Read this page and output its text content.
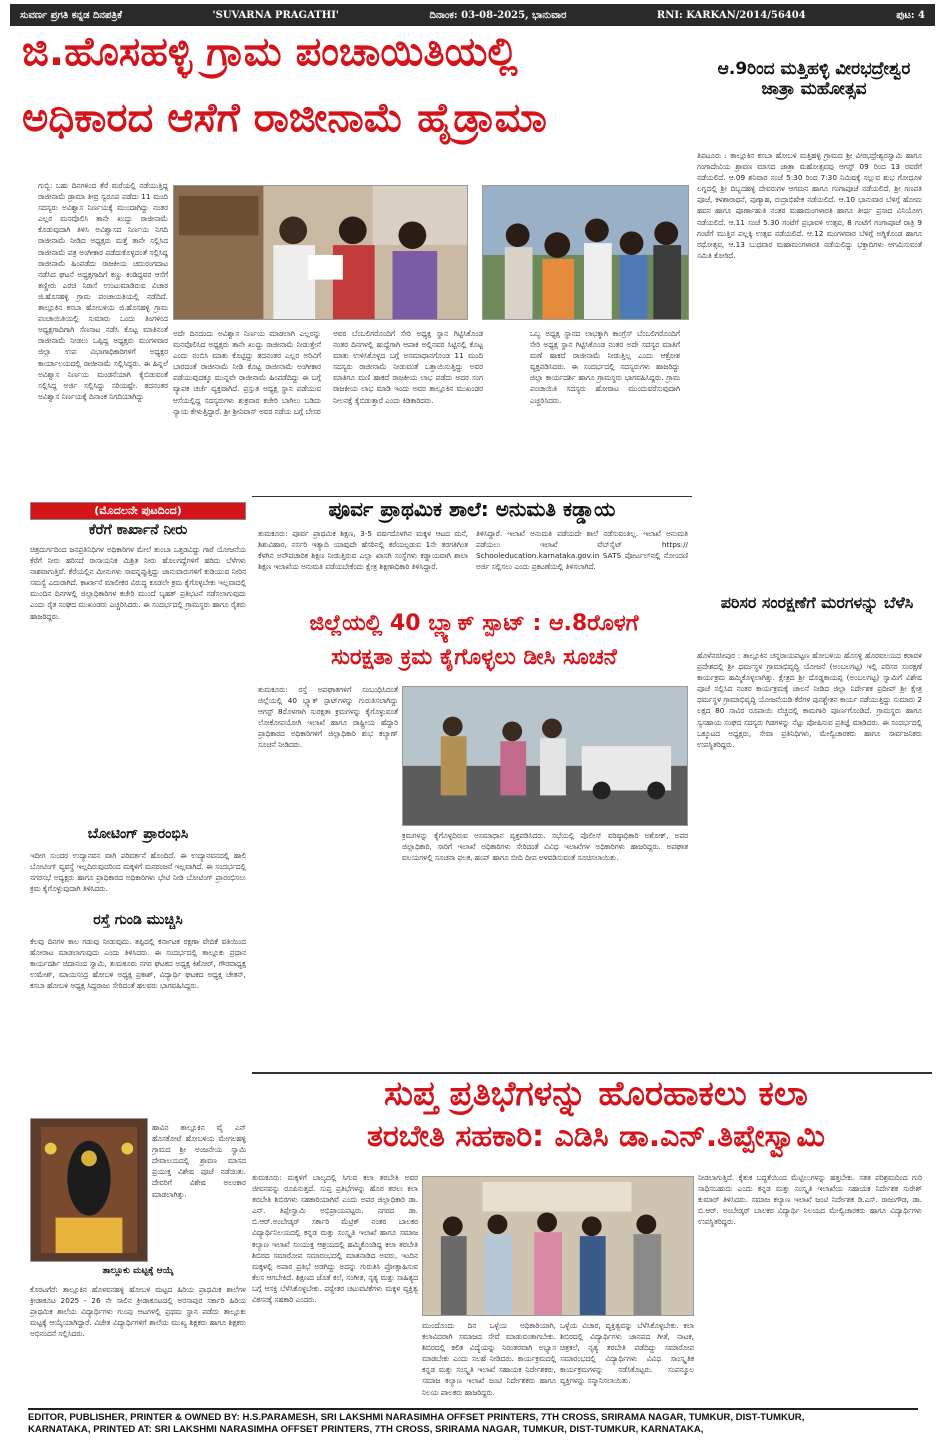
ಸುವರ್ಣ ಪ್ರಗತಿ ಕನ್ನಡ ದಿನಪತ್ರಿಕೆ	'SUVARNA PRAGATHI'	ದಿನಾಂಕ: 03-08-2025, ಭಾನುವಾರ	RNI: KARKAN/2014/56404	ಪುಟ: 4
ಜಿ.ಹೊಸಹಳ್ಳಿ ಗ್ರಾಮ ಪಂಚಾಯಿತಿಯಲ್ಲಿ
ಅಧಿಕಾರದ ಆಸೆಗೆ ರಾಜೀನಾಮೆ ಹೈಡ್ರಾಮಾ
ಗುಬ್ಬಿ: ಬಹು ದಿನಗಳಿಂದ ತೆರೆ ಮರೆಯಲ್ಲಿ ನಡೆಯುತ್ತಿದ್ದ ರಾಜೀನಾಮೆ ಡ್ರಾಮಾ ತೀವ್ರ ಸ್ವರೂಪ ಪಡೆದು 11 ಮಂದಿ ಸದಸ್ಯರು ಅವಿಶ್ವಾಸ ನಿರ್ಣಯಕ್ಕೆ ಮುಂದಾಗಿದ್ದು ನಂತರ ಎಲ್ಲರ ಮನವೊಲಿಸಿ ತಾನೇ ಖುದ್ದು ರಾಜೀನಾಮೆ ಕೊಡುವುದಾಗಿ ತಿಳಿಸಿ ಅವಿಶ್ವಾಸದ ನಿರ್ಣಯ ನಿಗದಿ ರಾಜೀನಾಮೆ ನೀಡಿದ ಅಧ್ಯಕ್ಷರು ಮತ್ತೆ ತಾನೇ ಸಲ್ಲಿಸಿದ ರಾಜೀನಾಮೆ ಪತ್ರ ಅಂಗೀಕಾರ ಪಡೆದುಕೊಳ್ಳದಂತೆ ಸಲ್ಲಿಸಿದ್ದ ರಾಜೀನಾಮೆ ಹಿಂಪಡೆದು ರಾಜಕೀಯ ಚದುರಂಗದಾಟ ನಡೆಸಿದ ಘಟನೆ ಅಧ್ಯಕ್ಷಗಾದಿಗೆ ಕಣ್ಣು ಕಂಡಿದ್ದವರ ಆಸೆಗೆ ತಣ್ಣೀರು ಎರಚಿ ನಿರಾಸೆ ಉಂಟುಮಾಡಿರುವ ವಿಚಾರ ಜಿ.ಹೊಸಹಳ್ಳಿ ಗ್ರಾಮ ಪಂಚಾಯತಿಯಲ್ಲಿ ನಡೆದಿದೆ. ತಾಲ್ಲೂಕಿನ ಕಸಬಾ ಹೋಬಳಿಯ ಜಿ.ಹೊಸಹಳ್ಳಿ ಗ್ರಾಮ ಪಂಚಾಯಿತಿಯಲ್ಲಿ ಸುಮಾರು ಒಂದು ತಿಂಗಳಿಂದ ಅಧ್ಯಕ್ಷಗಾದಿಗಾಗಿ ಸೆಣಸಾಟ ನಡೆಸಿ ಕೊಟ್ಟ ಮಾತಿನಂತೆ ರಾಜೀನಾಮೆ ನೀಡಲು ಒಪ್ಪಿದ್ದ ಅಧ್ಯಕ್ಷರು ಮಂಗಳವಾರ ಜಿಲ್ಲಾ ಉಪ ವಿಭಾಗಾಧಿಕಾರಿಗಳಿಗೆ ಅಧ್ಯಕ್ಷರ ಕಾರ್ಯಾಲಯದಲ್ಲಿ ರಾಜೀನಾಮೆ ಸಲ್ಲಿಸಿದ್ದರು. ಈ ಹಿನ್ನಲೆ ಅವಿಶ್ವಾಸ ನಿರ್ಣಯ ಮಂಡನೆಯಾಗಿ ಕೈಬಿಡುವಂತೆ ಸಲ್ಲಿಸಿದ್ದ ಅರ್ಜಿ ಸಲ್ಲಿಸಿದ್ದು ಸರಿಯಷ್ಟೇ. ತದನಂತರ ಅವಿಶ್ವಾಸ ನಿರ್ಣಯಕ್ಕೆ ದಿನಾಂಕ ನಿಗದಿಯಾಗಿದ್ದು
ಅದೇ ದಿನದಂದು ಅವಿಶ್ವಾಸ ನಿರ್ಣಯ ಮಾಡಲಾಗಿ ಎಲ್ಲರನ್ನು ಮನವೊಲಿಸಿದ ಅಧ್ಯಕ್ಷರು ತಾನೇ ಖುದ್ದು ರಾಜೀನಾಮೆ ನೀಡುತ್ತೇನೆ ಎಂದು ನಂಬಿಸಿ ಮಾತು ಕೊಟ್ಟಿದ್ದು ತದನಂತರ ಎಲ್ಲರ ಅರಿವಿಗೆ ಬಾರದಂತೆ ರಾಜೀನಾಮೆ ನೀಡಿ ಕೊಟ್ಟ ರಾಜೀನಾಮೆ ಅಂಗೀಕಾರ ಪಡೆಯುವುದಕ್ಕೂ ಮುನ್ನವೇ ರಾಜೀನಾಮೆ ಹಿಂಪಡೆದಿದ್ದು ಈ ಬಗ್ಗೆ ವ್ಯಾಪಕ ಚರ್ಚೆ ವ್ಯಕ್ತವಾಗಿದೆ. ಪ್ರಸ್ತುತ ಅಧ್ಯಕ್ಷ ಸ್ಥಾನ ಪಡೆಯುವ ಆಸೆಯಲ್ಲಿದ್ದ ಸದಸ್ಯರುಗಳು ಶುಕ್ರವಾರ ಕಚೇರಿ ಬಾಗಿಲು ಬಡಿದು ನ್ಯಾಯ ಕೇಳುತ್ತಿದ್ದಾರೆ. ಶ್ರೀ ಶ್ರೀನಿವಾಸ್ ಅವರ ನಡೆಯ ಬಗ್ಗೆ ಬೇಸರ
ಅವರ ಬೆಂಬಲಿಗರೊಂದಿಗೆ ಸೇರಿ ಅಧ್ಯಕ್ಷ ಸ್ಥಾನ ಗಿಟ್ಟಿಸಿಕೊಂಡ ನಂತರ ದಿನಗಳಲ್ಲಿ ಹುದ್ದೆಗಾಗಿ ಆಪಾಕ ಅಲ್ಲಿನವರ ಸಿಟ್ಟಿನಲ್ಲಿ ಕೊಟ್ಟ ಮಾತು ಉಳಿಸಿಕೊಳ್ಳದ ಬಗ್ಗೆ ಅಸಮಾಧಾನಗೊಂಡ 11 ಮಂದಿ ಸದಸ್ಯರು ರಾಜೀನಾಮೆ ನೀಡುವಂತೆ ಒತ್ತಾಯಿಸುತ್ತಿದ್ದು ಅವರ ಮಾತಿಗೂ ಮಣಿ ಹಾಕದೆ ರಾಜಕೀಯ ಲಾಭ ಪಡೆದು ಅದರ ಸಂಗ ರಾಜಕೀಯ ಲಾಭ ಮಾಡಿ ಇಂದು ಅವರ ತಾಲ್ಲೂಕಿನ ಮುಖಂಡರ ನೀಲನಕ್ಷೆ ಕೈಬಿಡುತ್ತಾರೆ ಎಂದು ಕಿಡಿಕಾರಿದರು.
ಒಬ್ಬ ಅಧ್ಯಕ್ಷ ಸ್ಥಾನದ ಲಾಭಕ್ಕಾಗಿ ಕಾಂಗ್ರೆಸ್ ಬೆಂಬಲಿಗರೊಂದಿಗೆ ಸೇರಿ ಅಧ್ಯಕ್ಷ ಸ್ಥಾನ ಗಿಟ್ಟಿಸಿಕೊಂಡ ನಂತರ ಅದೇ ಸದಸ್ಯರ ಮಾತಿಗೆ ಮಣೆ ಹಾಕದೆ ರಾಜೀನಾಮೆ ನೀಡುತ್ತಿಲ್ಲ ಎಂದು ಆಕ್ರೋಶ ವ್ಯಕ್ತಪಡಿಸಿದರು. ಈ ಸಂದರ್ಭದಲ್ಲಿ ಸದಸ್ಯರುಗಳು ಹಾಜರಿದ್ದು ಜಿಲ್ಲಾ ಕಾರ್ಯದರ್ಶಿ ಹಾಗೂ ಗ್ರಾಮಸ್ಥರು ಭಾಗವಹಿಸಿದ್ದರು. ಗ್ರಾಮ ಪಂಚಾಯಿತಿ ಸದಸ್ಯರು ಹೋರಾಟ ಮುಂದುವರೆಸುವುದಾಗಿ ಎಚ್ಚರಿಸಿದರು.
ಆ.9ರಿಂದ ಮತ್ತಿಹಳ್ಳಿ ವೀರಭದ್ರೇಶ್ವರ ಜಾತ್ರಾ ಮಹೋತ್ಸವ
ತಿಪಟೂರು : ತಾಲ್ಲೂಕಿನ ಕಸಬಾ ಹೋಬಳಿ ಮತ್ತಿಹಳ್ಳಿ ಗ್ರಾಮದ ಶ್ರೀ ವೀರಭದ್ರೇಶ್ವರಸ್ವಾಮಿ ಹಾಗೂ ಗಂಗಾದೇವಿಯ ಶ್ರಾವಣ ಮಾಸದ ಜಾತ್ರಾ ಮಹೋತ್ಸವವು ಆಗಸ್ಟ್ 09 ರಿಂದ 13 ರವರೆಗೆ ನಡೆಯಲಿದೆ. ಆ.09 ಶನಿವಾರ ಸಂಜೆ 5:30 ರಿಂದ 7:30 ನಿಮಿಷಕ್ಕೆ ಸಲ್ಲುವ ಶುಭ ಗೋಧೂಳಿ ಲಗ್ನದಲ್ಲಿ ಶ್ರೀ ದಿಬ್ಬದಹಳ್ಳಿ ದೇವರುಗಳ ಆಗಮನ ಹಾಗೂ ಗಂಗಾಪೂಜೆ ನಡೆಯಲಿದೆ. ಶ್ರೀ ಗಣಪತಿ ಪೂಜೆ, ಕಳಶಾರಾಧನೆ, ಪುಣ್ಯಾಹ, ರುದ್ರಾಭಿಷೇಕ ನಡೆಯಲಿದೆ. ಆ.10 ಭಾನುವಾರ ಬೆಳಿಗ್ಗೆ ಹೋಮ ಹವನ ಹಾಗೂ ಪೂರ್ಣಾಹುತಿ ನಂತರ ಮಹಾಮಂಗಳಾರತಿ ಹಾಗೂ ತೀರ್ಥ ಪ್ರಸಾದ ವಿನಿಯೋಗ ನಡೆಯಲಿದೆ. ಆ.11 ಸಂಜೆ 5.30 ಗಂಟೆಗೆ ಪ್ರಭಾವಳಿ ಉತ್ಸವ, 8 ಗಂಟೆಗೆ ಗಂಗಾಪೂಜೆ ರಾತ್ರಿ 9 ಗಂಟೆಗೆ ಮುತ್ತಿನ ಪಲ್ಲಕ್ಕಿ ಉತ್ಸವ ನಡೆಯಲಿದೆ. ಆ.12 ಮಂಗಳವಾರ ಬೆಳಿಗ್ಗೆ ಅಗ್ನಿಕೊಂಡ ಹಾಗೂ ರಥೋತ್ಸವ, ಆ.13 ಬುಧವಾರ ಮಹಾಮಂಗಳಾರತಿ ನಡೆಯಲಿದ್ದು ಭಕ್ತಾದಿಗಳು ಆಗಮಿಸುವಂತೆ ಸಮಿತಿ ಕೋರಿದೆ.
ಪರಿಸರ ಸಂರಕ್ಷಣೆಗೆ ಮರಗಳನ್ನು ಬೆಳೆಸಿ
ಹೊಳೆನರಸೀಪುರ : ತಾಲ್ಲೂಕಿನ ಚನ್ನರಾಯಪಟ್ಟಣ ಹೋಬಳಿಯ ಹೊಸಳ್ಳಿ ಹೊರವಲಯದ ಕರಾವಳಿ ಪ್ರದೇಶದಲ್ಲಿ ಶ್ರೀ ಧರ್ಮಸ್ಥಳ ಗ್ರಾಮಾಭಿವೃದ್ಧಿ ಯೋಜನೆ (ಅಂಬಲಗಟ್ಟ) ಇಲ್ಲಿ ಪರಿಸರ ಸಂರಕ್ಷಣೆ ಕಾರ್ಯಕ್ರಮ ಹಮ್ಮಿಕೊಳ್ಳಲಾಗಿತ್ತು. ಕ್ಷೇತ್ರದ ಶ್ರೀ ದೊಡ್ಡಕಾಯಪ್ಪ (ಅಂಬಲಗಟ್ಟ) ಸ್ವಾಮಿಗೆ ವಿಶೇಷ ಪೂಜೆ ಸಲ್ಲಿಸಿದ ನಂತರ ಕಾರ್ಯಕ್ರಮಕ್ಕೆ ಚಾಲನೆ ನೀಡಿದ ಜಿಲ್ಲಾ ನಿರ್ದೇಶಕ ಪ್ರದೀಪ್ ಶ್ರೀ ಕ್ಷೇತ್ರ ಧರ್ಮಸ್ಥಳ ಗ್ರಾಮಾಭಿವೃದ್ಧಿ ಯೋಜನೆಯಡಿ ಕೆರೆಗಳ ಪುನಶ್ಚೇತನ ಕಾರ್ಯ ನಡೆಯುತ್ತಿದ್ದು ಸುಮಾರು 2 ಲಕ್ಷದ 80 ಸಾವಿರ ರೂಪಾಯಿ ವೆಚ್ಚದಲ್ಲಿ ಕಾಮಗಾರಿ ಪೂರ್ಣಗೊಂಡಿದೆ. ಗ್ರಾಮಸ್ಥರು ಹಾಗೂ ಸ್ವಸಹಾಯ ಸಂಘದ ಸದಸ್ಯರು ಗಿಡಗಳನ್ನು ನೆಟ್ಟು ಪೋಷಿಸುವ ಪ್ರತಿಜ್ಞೆ ಮಾಡಿದರು. ಈ ಸಂದರ್ಭದಲ್ಲಿ ಒಕ್ಕೂಟದ ಅಧ್ಯಕ್ಷರು, ಸೇವಾ ಪ್ರತಿನಿಧಿಗಳು, ಮೇಲ್ವಿಚಾರಕರು ಹಾಗೂ ಸಾರ್ವಜನಿಕರು ಉಪಸ್ಥಿತರಿದ್ದರು.
(ಮೊದಲನೇ ಪುಟದಿಂದ)
ಕೆರೆಗೆ ಕಾರ್ಖಾನೆ ನೀರು
ಚಿತ್ರದುರ್ಗದಿಂದ ಜನಪ್ರತಿನಿಧಿಗಳ ಅಧಿಕಾರಿಗಳ ಮೇಲೆ ತುಂಬಾ ಒತ್ತಡವಿದ್ದು ಗಾರೆ ಯೋಜನೆಯ ಕೆರೆಗೆ ನೀರು ಹರಿಸದೆ ರಾಸಾಯನಿಕ ಮಿಶ್ರಿತ ನೀರು ಹೊಲಗದ್ದೆಗಳಿಗೆ ಹರಿದು ಬೆಳೆಗಳು ನಾಶವಾಗುತ್ತಿವೆ. ಕೆರೆಯಲ್ಲಿನ ಮೀನುಗಳು ಸಾವನ್ನಪ್ಪುತ್ತಿದ್ದು ಜಾನುವಾರುಗಳಿಗೆ ಕುಡಿಯುವ ನೀರಿನ ಸಮಸ್ಯೆ ಎದುರಾಗಿದೆ. ಕಾರ್ಖಾನೆ ಮಾಲೀಕರ ವಿರುದ್ಧ ಕೂಡಲೇ ಕ್ರಮ ಕೈಗೊಳ್ಳಬೇಕು ಇಲ್ಲವಾದಲ್ಲಿ ಮುಂದಿನ ದಿನಗಳಲ್ಲಿ ಜಿಲ್ಲಾಧಿಕಾರಿಗಳ ಕಚೇರಿ ಮುಂದೆ ಬೃಹತ್ ಪ್ರತಿಭಟನೆ ನಡೆಸಲಾಗುವುದು ಎಂದು ರೈತ ಸಂಘದ ಮುಖಂಡರು ಎಚ್ಚರಿಸಿದರು. ಈ ಸಂದರ್ಭದಲ್ಲಿ ಗ್ರಾಮಸ್ಥರು ಹಾಗೂ ರೈತರು ಹಾಜರಿದ್ದರು.
ಬೋಟಿಂಗ್ ಪ್ರಾರಂಭಿಸಿ
ಇದೀಗ ಸುಂದರ ಉದ್ಯಾನವನ ವಾಗಿ ಪರಿವರ್ತನೆ ಹೊಂದಿದೆ. ಈ ಉದ್ಯಾನವನದಲ್ಲಿ ಹಾಲಿ ಬೋಟಿಂಗ್ ವ್ಯವಸ್ಥೆ ಇಲ್ಲದಿರುವುದರಿಂದ ಮಕ್ಕಳಿಗೆ ಮನರಂಜನೆ ಇಲ್ಲವಾಗಿದೆ. ಈ ಸಂದರ್ಭದಲ್ಲಿ ನಗರಸಭೆ ಅಧ್ಯಕ್ಷರು ಹಾಗೂ ಪ್ರಾಧಿಕಾರದ ಅಧಿಕಾರಿಗಳು ಭೇಟಿ ನೀಡಿ ಬೋಟಿಂಗ್ ಪ್ರಾರಂಭಿಸಲು ಕ್ರಮ ಕೈಗೊಳ್ಳುವುದಾಗಿ ತಿಳಿಸಿದರು.
ರಸ್ತೆ ಗುಂಡಿ ಮುಚ್ಚಿಸಿ
ಕೆಲವು ದಿನಗಳ ಕಾಲ ಗಡುವು ನೀಡುವುದು. ತಪ್ಪಿದಲ್ಲಿ ಕರ್ನಾಟಕ ರಕ್ಷಣಾ ವೇದಿಕೆ ವತಿಯಿಂದ ಹೋರಾಟ ಮಾಡಲಾಗುವುದು ಎಂದು ತಿಳಿಸಿದರು. ಈ ಸಂದರ್ಭದಲ್ಲಿ ತಾಲ್ಲೂಕು ಪ್ರಧಾನ ಕಾರ್ಯದರ್ಶಿ ಚಿದಾನಂದ ಸ್ವಾಮಿ, ತುಮಕೂರು ನಗರ ಘಟಕದ ಅಧ್ಯಕ್ಷ ಕಿಶೋರ್, ಗೌರವಾಧ್ಯಕ್ಷ ಉಮೇಶ್, ಮಾಯಸಂದ್ರ ಹೋಬಳಿ ಅಧ್ಯಕ್ಷ ಪ್ರಕಾಶ್, ವಿದ್ಯಾರ್ಥಿ ಘಟಕದ ಅಧ್ಯಕ್ಷ ಚೇತನ್, ಕಸಬಾ ಹೋಬಳಿ ಅಧ್ಯಕ್ಷ ಸಿದ್ದರಾಜು ಸೇರಿದಂತೆ ಹಲವರು ಭಾಗವಹಿಸಿದ್ದರು.
ಹಾವಿನ ತಾಲ್ಲೂಕಿನ ವೈ ಎನ್ ಹೊಸಕೋಟೆ ಹೋಬಳಿಯ ಮೇಗಲಹಳ್ಳಿ ಗ್ರಾಮದ ಶ್ರೀ ಅಂಜನೇಯ ಸ್ವಾಮಿ ದೇವಾಲಯದಲ್ಲಿ ಶ್ರಾವಣ ಮಾಸದ ಪ್ರಯುಕ್ತ ವಿಶೇಷ ಪೂಜೆ ನಡೆಯಿತು. ದೇವರಿಗೆ ವಿಶೇಷ ಅಲಂಕಾರ ಮಾಡಲಾಗಿತ್ತು.
ತಾಲ್ಲೂಕು ಮಟ್ಟಕ್ಕೆ ಆಯ್ಕೆ
ಕೊರಟಗೆರೆ: ತಾಲ್ಲೂಕಿನ ಹೊಳವನಹಳ್ಳಿ ಹೋಬಳಿ ಮಟ್ಟದ ಹಿರಿಯ ಪ್ರಾಥಮಿಕ ಶಾಲೆಗಳ ಕ್ರೀಡಾಕೂಟ 2025 - 26 ನೇ ಸಾಲಿನ ಕ್ರೀಡಾಕೂಟದಲ್ಲಿ ಅರಸಾಪುರ ಸರ್ಕಾರಿ ಹಿರಿಯ ಪ್ರಾಥಮಿಕ ಶಾಲೆಯ ವಿದ್ಯಾರ್ಥಿಗಳು ಗುಂಪು ಆಟಗಳಲ್ಲಿ ಪ್ರಥಮ ಸ್ಥಾನ ಪಡೆದು ತಾಲ್ಲೂಕು ಮಟ್ಟಕ್ಕೆ ಆಯ್ಕೆಯಾಗಿದ್ದಾರೆ. ವಿಜೇತ ವಿದ್ಯಾರ್ಥಿಗಳಿಗೆ ಶಾಲೆಯ ಮುಖ್ಯ ಶಿಕ್ಷಕರು ಹಾಗೂ ಶಿಕ್ಷಕರು ಅಭಿನಂದನೆ ಸಲ್ಲಿಸಿದರು.
ಪೂರ್ವ ಪ್ರಾಥಮಿಕ ಶಾಲೆ: ಅನುಮತಿ ಕಡ್ಡಾಯ
ತುಮಕೂರು: ಪೂರ್ವ ಪ್ರಾಥಮಿಕ ಶಿಕ್ಷಣ, 3-5 ವರ್ಷದೊಳಗಿನ ಮಕ್ಕಳ ಆಟದ ಮನೆ, ಶಿಶುವಿಹಾರ, ನರ್ಸರಿ ಇತ್ಯಾದಿ ಯಾವುದೇ ಹೆಸರಿನಲ್ಲಿ ಕರೆಯಲ್ಪಡುವ 1ನೇ ತರಗತಿಗಿಂತ ಕೆಳಗಿನ ಅನೌಪಚಾರಿಕ ಶಿಕ್ಷಣ ನೀಡುತ್ತಿರುವ ಎಲ್ಲಾ ಖಾಸಗಿ ಸಂಸ್ಥೆಗಳು ಕಡ್ಡಾಯವಾಗಿ ಶಾಲಾ ಶಿಕ್ಷಣ ಇಲಾಖೆಯ ಅನುಮತಿ ಪಡೆಯಬೇಕೆಂದು ಕ್ಷೇತ್ರ ಶಿಕ್ಷಣಾಧಿಕಾರಿ ತಿಳಿಸಿದ್ದಾರೆ.
ತಿಳಿಸಿದ್ದಾರೆ. ಇಲಾಖೆ ಅನುಮತಿ ಪಡೆಯದೇ ಶಾಲೆ ನಡೆಸುವಂತಿಲ್ಲ. ಇಲಾಖೆ ಅನುಮತಿ ಪಡೆಯಲು ಇಲಾಖೆ ವೆಬ್‌ಸೈಟ್ https:// Schooleducation.karnataka.gov.in SATS ಪೋರ್ಟಲ್‌ನಲ್ಲಿ ನೋಂದಣಿ ಅರ್ಜಿ ಸಲ್ಲಿಸಲು ಎಂದು ಪ್ರಕಟಣೆಯಲ್ಲಿ ತಿಳಿಸಲಾಗಿದೆ.
ಜಿಲ್ಲೆಯಲ್ಲಿ 40 ಬ್ಲ್ಯಾಕ್ ಸ್ಪಾಟ್ : ಆ.8ರೊಳಗೆ
ಸುರಕ್ಷತಾ ಕ್ರಮ ಕೈಗೊಳ್ಳಲು ಡೀಸಿ ಸೂಚನೆ
ತುಮಕೂರು: ರಸ್ತೆ ಅಪಘಾತಗಳಿಗೆ ಸಂಬಂಧಿಸಿದಂತೆ ಜಿಲ್ಲೆಯಲ್ಲಿ 40 ಬ್ಲ್ಯಾಕ್ ಸ್ಪಾಟ್‌ಗಳನ್ನು ಗುರುತಿಸಲಾಗಿದ್ದು ಆಗಸ್ಟ್ 8ರೊಳಗಾಗಿ ಸುರಕ್ಷತಾ ಕ್ರಮಗಳನ್ನು ಕೈಗೊಳ್ಳುವಂತೆ ಲೋಕೋಪಯೋಗಿ ಇಲಾಖೆ ಹಾಗೂ ರಾಷ್ಟ್ರೀಯ ಹೆದ್ದಾರಿ ಪ್ರಾಧಿಕಾರದ ಅಧಿಕಾರಿಗಳಿಗೆ ಜಿಲ್ಲಾಧಿಕಾರಿ ಶುಭ ಕಲ್ಯಾಣ್ ಸೂಚನೆ ನೀಡಿದರು.
ಕ್ರಮಗಳನ್ನು ಕೈಗೊಳ್ಳದಿರುವ ಅಸಮಾಧಾನ ವ್ಯಕ್ತಪಡಿಸಿದರು. ಸಭೆಯಲ್ಲಿ ಪೊಲೀಸ್ ವರಿಷ್ಠಾಧಿಕಾರಿ ಅಶೋಕ್, ಅಪರ ಜಿಲ್ಲಾಧಿಕಾರಿ, ಸಾರಿಗೆ ಇಲಾಖೆ ಅಧಿಕಾರಿಗಳು ಸೇರಿದಂತೆ ವಿವಿಧ ಇಲಾಖೆಗಳ ಅಧಿಕಾರಿಗಳು ಹಾಜರಿದ್ದರು. ಅಪಘಾತ ವಲಯಗಳಲ್ಲಿ ಸೂಚನಾ ಫಲಕ, ಹಂಪ್ ಹಾಗೂ ಬೀದಿ ದೀಪ ಅಳವಡಿಸುವಂತೆ ಸೂಚಿಸಲಾಯಿತು.
ಸುಪ್ತ ಪ್ರತಿಭೆಗಳನ್ನು ಹೊರಹಾಕಲು ಕಲಾ
ತರಬೇತಿ ಸಹಕಾರಿ: ಎಡಿಸಿ ಡಾ.ಎನ್.ತಿಪ್ಪೇಸ್ವಾಮಿ
ತುಮಕೂರು: ಮಕ್ಕಳಿಗೆ ಬಾಲ್ಯದಲ್ಲಿ ಸಿಗುವ ಕಲಾ ತರಬೇತಿ ಅವರ ಜೀವನವನ್ನು ರೂಪಿಸುತ್ತದೆ. ಸುಪ್ತ ಪ್ರತಿಭೆಗಳನ್ನು ಹೊರ ತರಲು ಕಲಾ ತರಬೇತಿ ಶಿಬಿರಗಳು ಸಹಕಾರಿಯಾಗಿವೆ ಎಂದು ಅಪರ ಜಿಲ್ಲಾಧಿಕಾರಿ ಡಾ. ಎನ್. ತಿಪ್ಪೇಸ್ವಾಮಿ ಅಭಿಪ್ರಾಯಪಟ್ಟರು. ನಗರದ ಡಾ. ಬಿ.ಆರ್.ಅಂಬೇಡ್ಕರ್ ಸರ್ಕಾರಿ ಮೆಟ್ರಿಕ್ ನಂತರ ಬಾಲಕರ ವಿದ್ಯಾರ್ಥಿನಿಲಯದಲ್ಲಿ ಕನ್ನಡ ಮತ್ತು ಸಂಸ್ಕೃತಿ ಇಲಾಖೆ ಹಾಗೂ ಸಮಾಜ ಕಲ್ಯಾಣ ಇಲಾಖೆ ಸಂಯುಕ್ತ ಆಶ್ರಯದಲ್ಲಿ ಹಮ್ಮಿಕೊಂಡಿದ್ದ ಕಲಾ ತರಬೇತಿ ಶಿಬಿರದ ಸಮಾರೋಪ ಸಮಾರಂಭದಲ್ಲಿ ಮಾತನಾಡಿದ ಅವರು, ಇಂದಿನ ಮಕ್ಕಳಲ್ಲಿ ಅಪಾರ ಪ್ರತಿಭೆ ಅಡಗಿದ್ದು ಅದನ್ನು ಗುರುತಿಸಿ ಪ್ರೋತ್ಸಾಹಿಸುವ ಕೆಲಸ ಆಗಬೇಕಿದೆ. ಶಿಕ್ಷಣದ ಜೊತೆ ಕಲೆ, ಸಂಗೀತ, ನೃತ್ಯ ಮತ್ತು ಸಾಹಿತ್ಯದ ಬಗ್ಗೆ ಆಸಕ್ತಿ ಬೆಳೆಸಿಕೊಳ್ಳಬೇಕು. ಪಠ್ಯೇತರ ಚಟುವಟಿಕೆಗಳು ಮಕ್ಕಳ ವ್ಯಕ್ತಿತ್ವ ವಿಕಸನಕ್ಕೆ ಸಹಕಾರಿ ಎಂದರು.
ಮುಂದೊಂದು ದಿನ ಒಳ್ಳೆಯ ಅಧಿಕಾರಿಯಾಗಿ, ಕಲಾವಿದರಾಗಿ ಸಮಾಜದ ಸೇವೆ ಮಾಡುವಂತಾಗಬೇಕು. ಶಿಬಿರದಲ್ಲಿ ಕಲಿತ ವಿದ್ಯೆಯನ್ನು ನಿರಂತರವಾಗಿ ಅಭ್ಯಾಸ ಮಾಡಬೇಕು ಎಂದು ಸಲಹೆ ನೀಡಿದರು. ಕಾರ್ಯಕ್ರಮದಲ್ಲಿ ಕನ್ನಡ ಮತ್ತು ಸಂಸ್ಕೃತಿ ಇಲಾಖೆ ಸಹಾಯಕ ನಿರ್ದೇಶಕರು, ಸಮಾಜ ಕಲ್ಯಾಣ ಇಲಾಖೆ ಜಂಟಿ ನಿರ್ದೇಶಕರು ಹಾಗೂ ನಿಲಯ ಪಾಲಕರು ಹಾಜರಿದ್ದರು.
ಒಳ್ಳೆಯ ವಿಚಾರ, ವ್ಯಕ್ತಿತ್ವವನ್ನು ಬೆಳೆಸಿಕೊಳ್ಳಬೇಕು. ಕಲಾ ಶಿಬಿರದಲ್ಲಿ ವಿದ್ಯಾರ್ಥಿಗಳು ಜಾನಪದ ಗೀತೆ, ನಾಟಕ, ಚಿತ್ರಕಲೆ, ನೃತ್ಯ ತರಬೇತಿ ಪಡೆದಿದ್ದು ಸಮಾರೋಪ ಸಮಾರಂಭದಲ್ಲಿ ವಿದ್ಯಾರ್ಥಿಗಳು ವಿವಿಧ ಸಾಂಸ್ಕೃತಿಕ ಕಾರ್ಯಕ್ರಮಗಳನ್ನು ನಡೆಸಿಕೊಟ್ಟರು. ಸಂಪನ್ಮೂಲ ವ್ಯಕ್ತಿಗಳನ್ನು ಸನ್ಮಾನಿಸಲಾಯಿತು.
ನೀಡಲಾಗುತ್ತಿದೆ. ಕೈತುಕ ಬದ್ಧತೆಯಿಂದ ಮೆಟ್ಟಿಲುಗಳನ್ನು ಹತ್ತಬೇಕು. ಸತತ ಪರಿಶ್ರಮದಿಂದ ಗುರಿ ಸಾಧಿಸಬಹುದು ಎಂದು ಕನ್ನಡ ಮತ್ತು ಸಂಸ್ಕೃತಿ ಇಲಾಖೆಯ ಸಹಾಯಕ ನಿರ್ದೇಶಕ ಸುರೇಶ್ ಕುಮಾರ್ ತಿಳಿಸಿದರು. ಸಮಾಜ ಕಲ್ಯಾಣ ಇಲಾಖೆ ಜಂಟಿ ನಿರ್ದೇಶಕ ಡಿ.ಎಸ್. ರಾಜುಗೌಡ, ಡಾ. ಬಿ.ಆರ್. ಅಂಬೇಡ್ಕರ್ ಬಾಲಕರ ವಿದ್ಯಾರ್ಥಿ ನಿಲಯದ ಮೇಲ್ವಿಚಾರಕರು ಹಾಗೂ ವಿದ್ಯಾರ್ಥಿಗಳು ಉಪಸ್ಥಿತರಿದ್ದರು.
EDITOR, PUBLISHER, PRINTER & OWNED BY: H.S.PARAMESH, SRI LAKSHMI NARASIMHA OFFSET PRINTERS, 7TH CROSS, SRIRAMA NAGAR, TUMKUR, DIST-TUMKUR,
KARNATAKA, PRINTED AT: SRI LAKSHMI NARASIMHA OFFSET PRINTERS, 7TH CROSS, SRIRAMA NAGAR, TUMKUR, DIST-TUMKUR, KARNATAKA,
